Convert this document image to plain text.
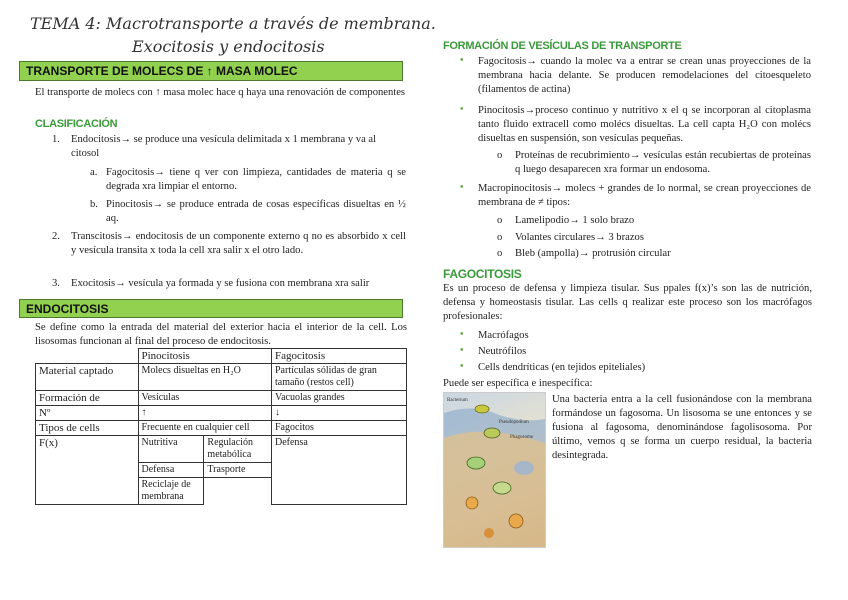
TEMA 4: Macrotransporte a través de membrana.
Exocitosis y endocitosis
TRANSPORTE DE MOLECS DE ↑ MASA MOLEC
El transporte de molecs con ↑ masa molec hace q haya una renovación de componentes
CLASIFICACIÓN
1. Endocitosis→ se produce una vesícula delimitada x 1 membrana y va al citosol
a. Fagocitosis→ tiene q ver con limpieza, cantidades de materia q se degrada xra limpiar el entorno.
b. Pinocitosis→ se produce entrada de cosas específicas disueltas en ½ aq.
2. Transcitosis→ endocitosis de un componente externo q no es absorbido x cell y vesícula transita x toda la cell xra salir x el otro lado.
3. Exocitosis→ vesícula ya formada y se fusiona con membrana xra salir
ENDOCITOSIS
Se define como la entrada del material del exterior hacia el interior de la cell. Los lisosomas funcionan al final del proceso de endocitosis.
	Pinocitosis		Fagocitosis
Material captado	Molecs disueltas en H₂O		Partículas sólidas de gran tamaño (restos cell)
Formación de	Vesículas		Vacuolas grandes
Nº	↑		↓
Tipos de cells	Frecuente en cualquier cell		Fagocitos
F(x)	Nutritiva	Regulación metabólica	Defensa
	Defensa	Trasporte	
	Reciclaje de membrana		
FORMACIÓN DE VESÍCULAS DE TRANSPORTE
• Fagocitosis→ cuando la molec va a entrar se crean unas proyecciones de la membrana hacia delante. Se producen remodelaciones del citoesqueleto (filamentos de actina)
• Pinocitosis→proceso continuo y nutritivo x el q se incorporan al citoplasma tanto fluido extracell como molécs disueltas. La cell capta H₂O con molécs disueltas en suspensión, son vesículas pequeñas.
o Proteínas de recubrimiento→ vesículas están recubiertas de proteínas q luego desaparecen xra formar un endosoma.
• Macropinocitosis→ molecs + grandes de lo normal, se crean proyecciones de membrana de ≠ tipos:
o Lamelipodio→ 1 solo brazo
o Volantes circulares→ 3 brazos
o Bleb (ampolla)→ protrusión circular
FAGOCITOSIS
Es un proceso de defensa y limpieza tisular. Sus ppales f(x)’s son las de nutrición, defensa y homeostasis tisular. Las cells q realizar este proceso son los macrófagos profesionales:
• Macrófagos
• Neutrófilos
• Cells dendríticas (en tejidos epiteliales)
Puede ser específica e inespecífica:
Bacterium
Pseudopodium
Phagosome
Una bacteria entra a la cell fusionándose con la membrana formándose un fagosoma. Un lisosoma se une entonces y se fusiona al fagosoma, denominándose fagolisosoma. Por último, vemos q se forma un cuerpo residual, la bacteria desintegrada.
